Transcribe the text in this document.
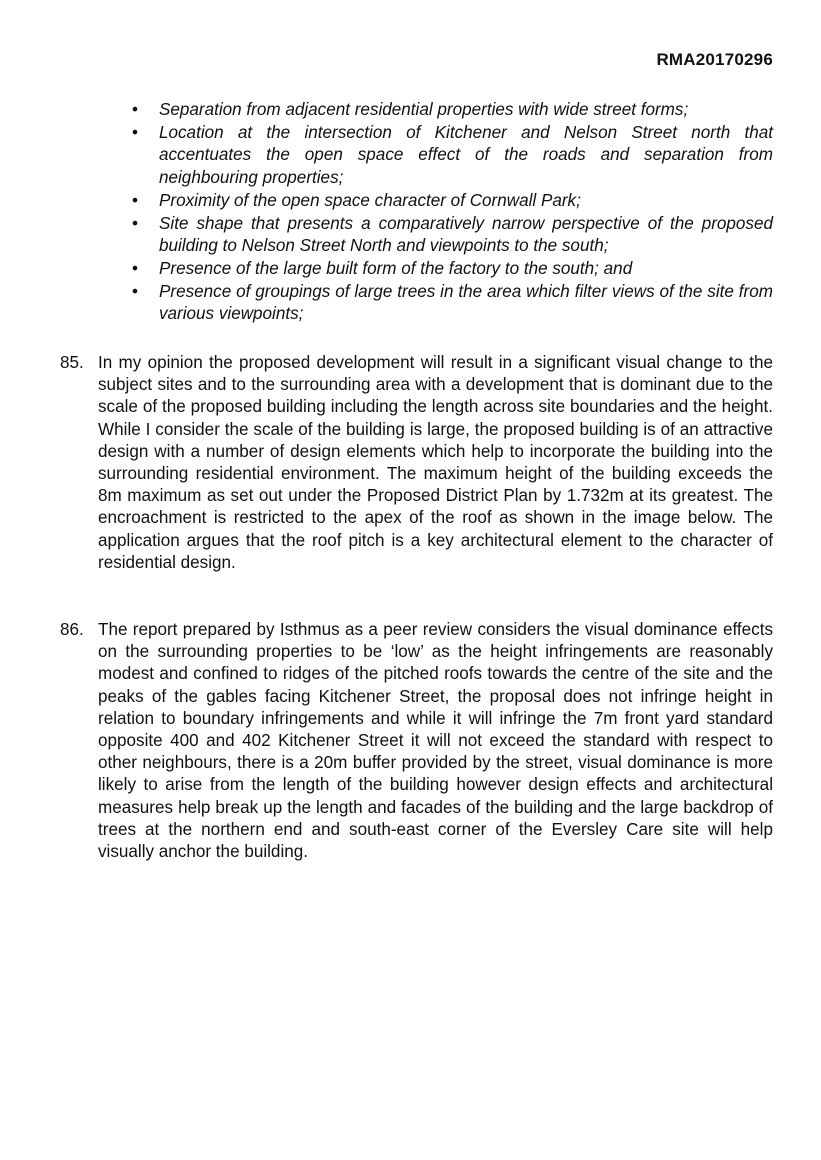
RMA20170296
• Separation from adjacent residential properties with wide street forms;
• Location at the intersection of Kitchener and Nelson Street north that accentuates the open space effect of the roads and separation from neighbouring properties;
• Proximity of the open space character of Cornwall Park;
• Site shape that presents a comparatively narrow perspective of the proposed building to Nelson Street North and viewpoints to the south;
• Presence of the large built form of the factory to the south; and
• Presence of groupings of large trees in the area which filter views of the site from various viewpoints;
85. In my opinion the proposed development will result in a significant visual change to the subject sites and to the surrounding area with a development that is dominant due to the scale of the proposed building including the length across site boundaries and the height. While I consider the scale of the building is large, the proposed building is of an attractive design with a number of design elements which help to incorporate the building into the surrounding residential environment. The maximum height of the building exceeds the 8m maximum as set out under the Proposed District Plan by 1.732m at its greatest. The encroachment is restricted to the apex of the roof as shown in the image below. The application argues that the roof pitch is a key architectural element to the character of residential design.
86. The report prepared by Isthmus as a peer review considers the visual dominance effects on the surrounding properties to be ‘low’ as the height infringements are reasonably modest and confined to ridges of the pitched roofs towards the centre of the site and the peaks of the gables facing Kitchener Street, the proposal does not infringe height in relation to boundary infringements and while it will infringe the 7m front yard standard opposite 400 and 402 Kitchener Street it will not exceed the standard with respect to other neighbours, there is a 20m buffer provided by the street, visual dominance is more likely to arise from the length of the building however design effects and architectural measures help break up the length and facades of the building and the large backdrop of trees at the northern end and south-east corner of the Eversley Care site will help visually anchor the building.
